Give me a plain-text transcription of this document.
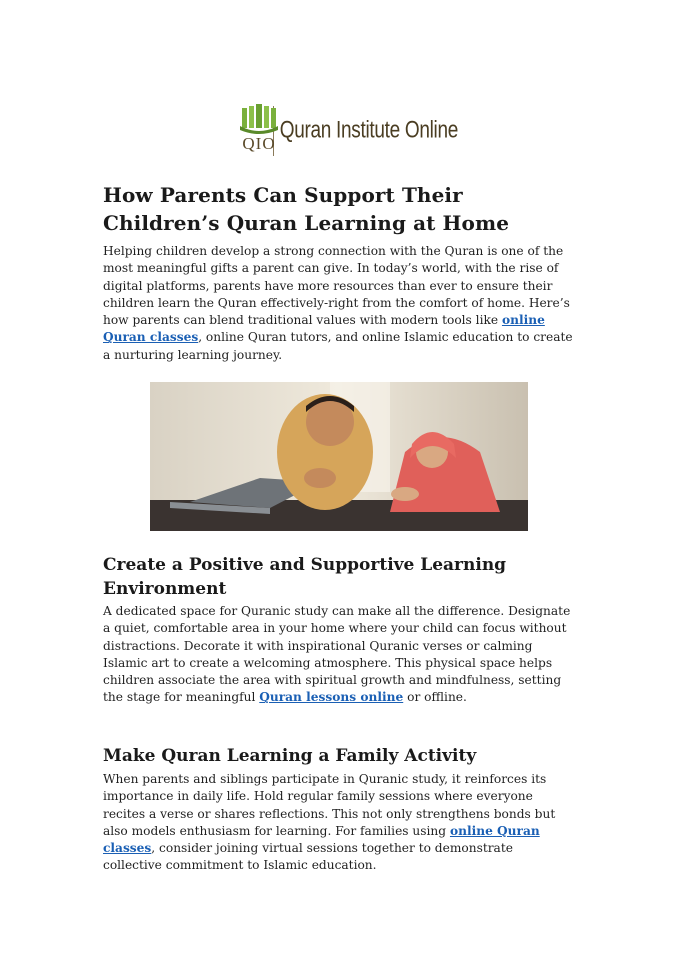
QIO Quran Institute Online
How Parents Can Support Their
Children’s Quran Learning at Home

Helping children develop a strong connection with the Quran is one of the most meaningful gifts a parent can give. In today’s world, with the rise of digital platforms, parents have more resources than ever to ensure their children learn the Quran effectively-right from the comfort of home. Here’s how parents can blend traditional values with modern tools like online Quran classes, online Quran tutors, and online Islamic education to create a nurturing learning journey.

Create a Positive and Supportive Learning
Environment

A dedicated space for Quranic study can make all the difference. Designate a quiet, comfortable area in your home where your child can focus without distractions. Decorate it with inspirational Quranic verses or calming Islamic art to create a welcoming atmosphere. This physical space helps children associate the area with spiritual growth and mindfulness, setting the stage for meaningful Quran lessons online or offline.

Make Quran Learning a Family Activity

When parents and siblings participate in Quranic study, it reinforces its importance in daily life. Hold regular family sessions where everyone recites a verse or shares reflections. This not only strengthens bonds but also models enthusiasm for learning. For families using online Quran classes, consider joining virtual sessions together to demonstrate collective commitment to Islamic education.
